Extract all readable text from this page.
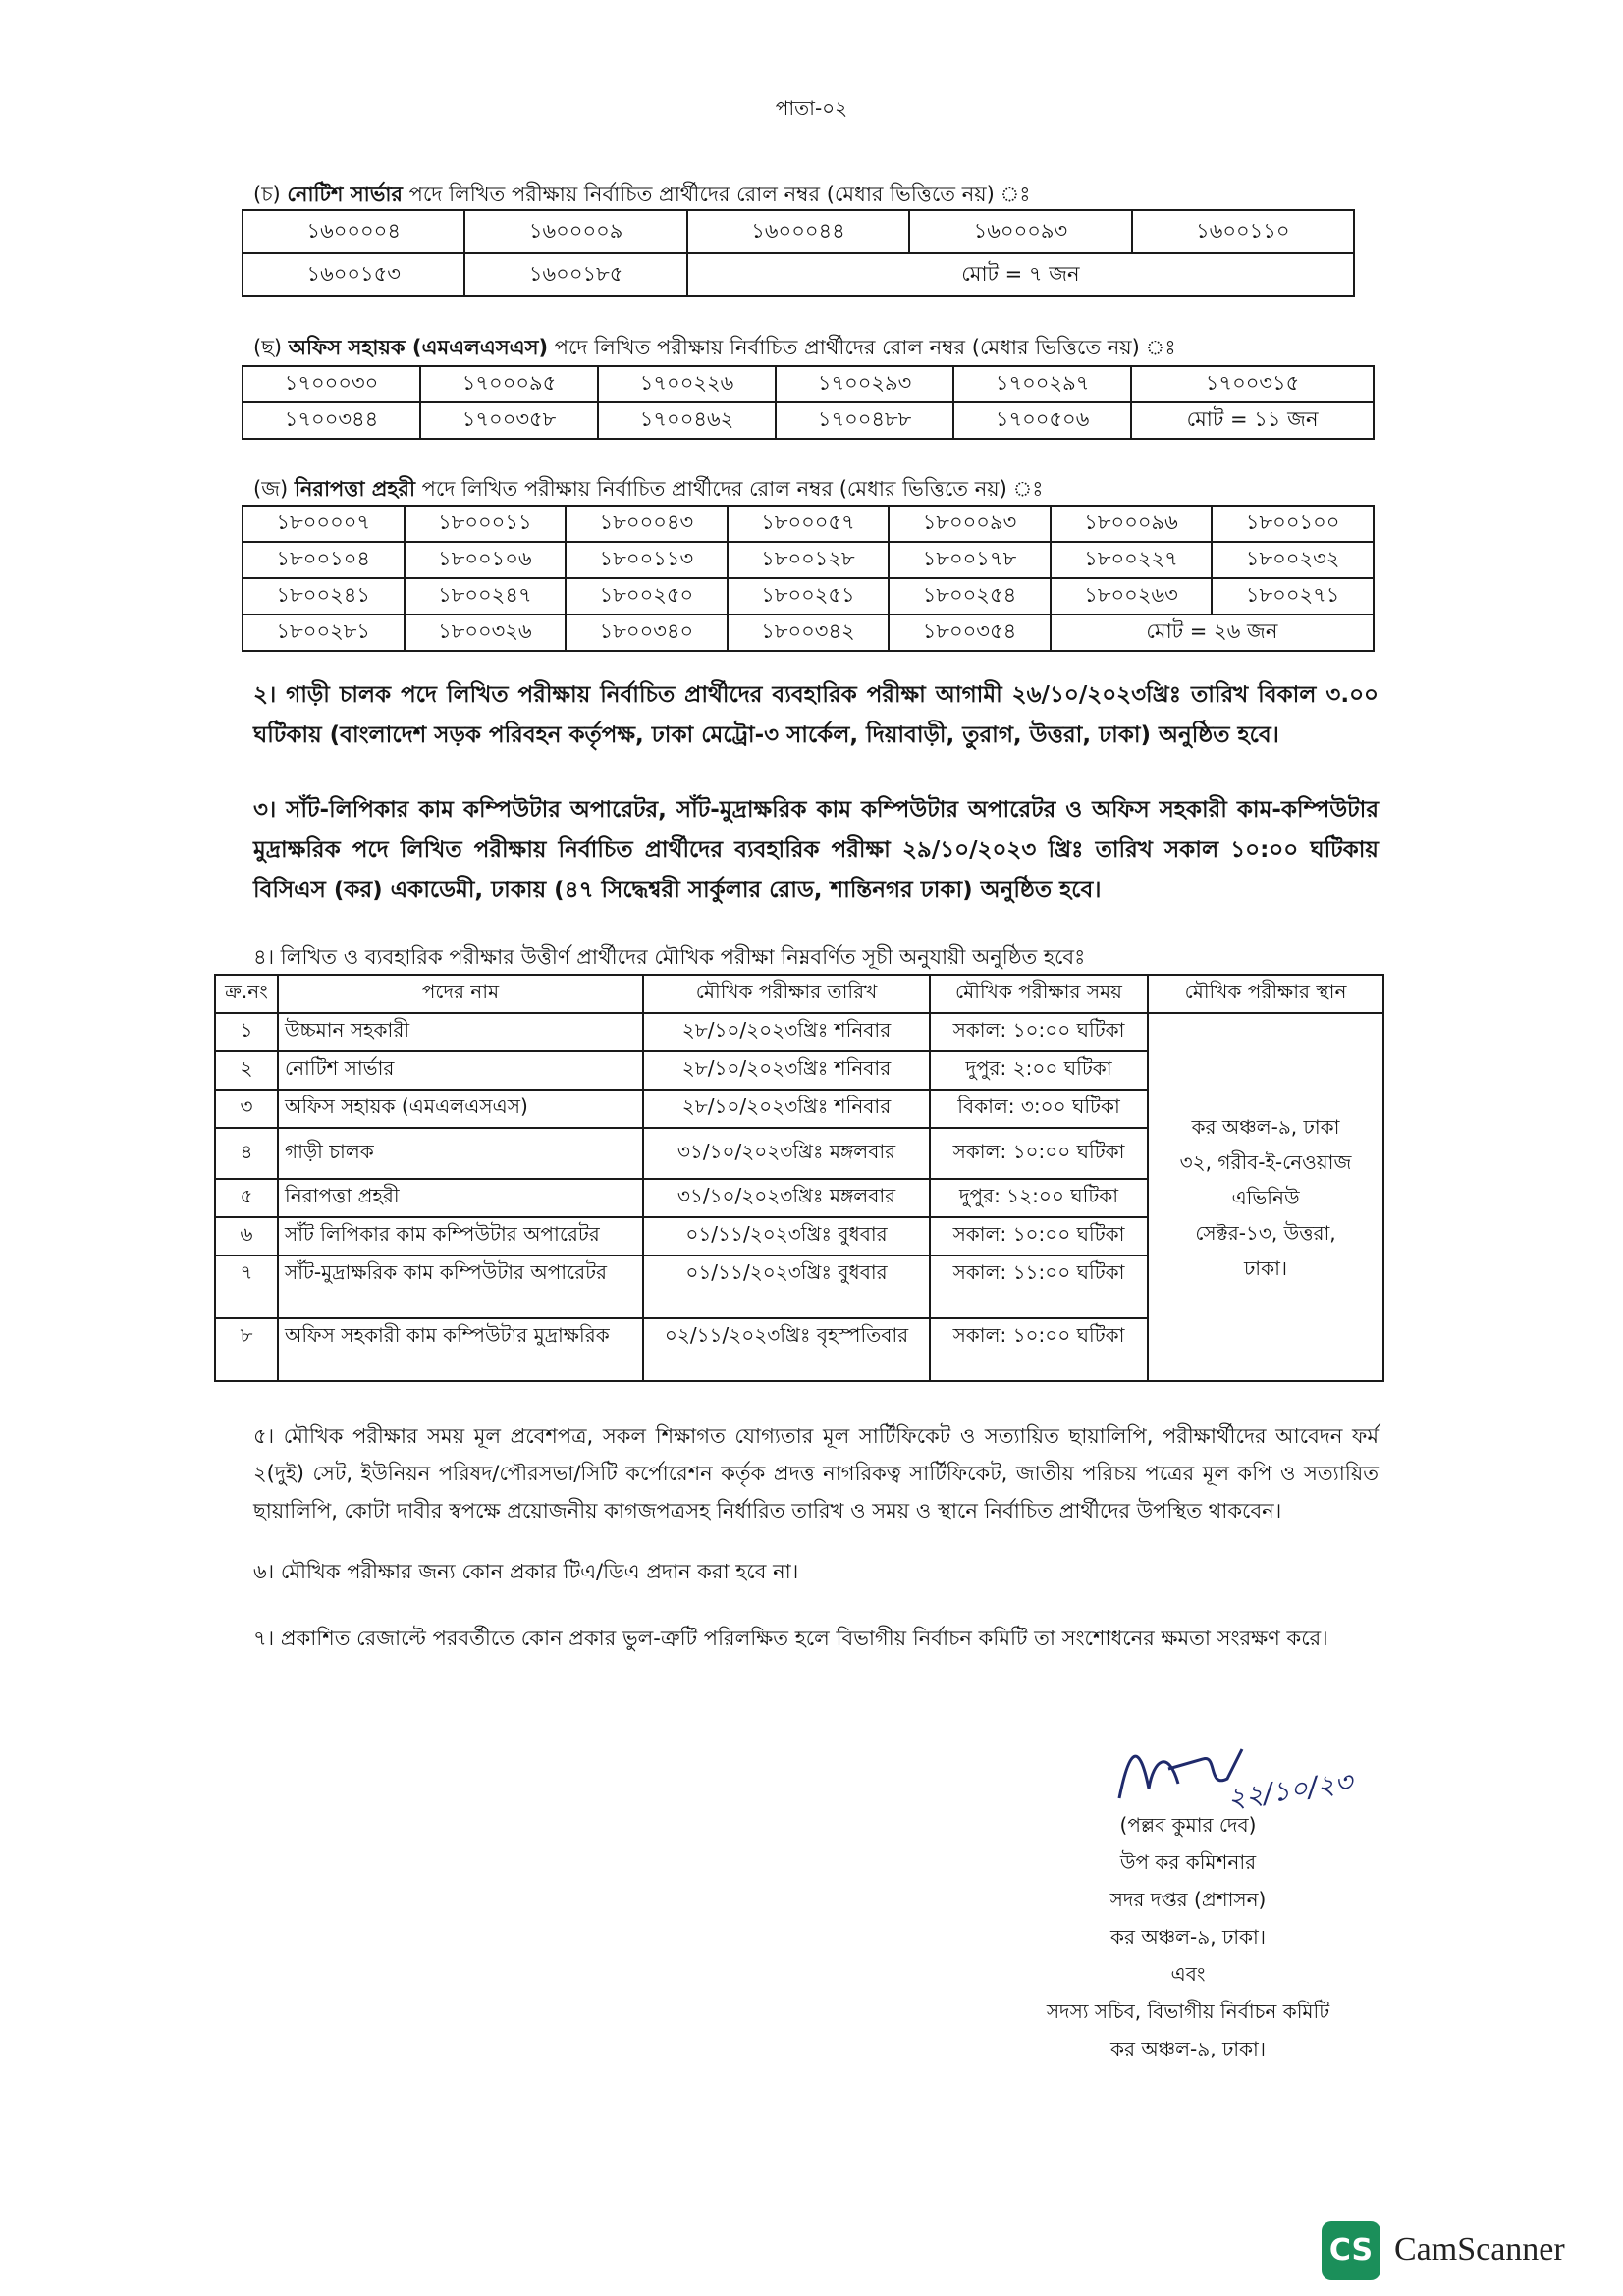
পাতা-০২
(চ) নোটিশ সার্ভার পদে লিখিত পরীক্ষায় নির্বাচিত প্রার্থীদের রোল নম্বর (মেধার ভিত্তিতে নয়) ঃ
১৬০০০০৪	১৬০০০০৯	১৬০০০৪৪	১৬০০০৯৩	১৬০০১১০
১৬০০১৫৩	১৬০০১৮৫	মোট = ৭ জন		
(ছ) অফিস সহায়ক (এমএলএসএস) পদে লিখিত পরীক্ষায় নির্বাচিত প্রার্থীদের রোল নম্বর (মেধার ভিত্তিতে নয়) ঃ
১৭০০০৩০	১৭০০০৯৫	১৭০০২২৬	১৭০০২৯৩	১৭০০২৯৭	১৭০০৩১৫
১৭০০৩৪৪	১৭০০৩৫৮	১৭০০৪৬২	১৭০০৪৮৮	১৭০০৫০৬	মোট = ১১ জন
(জ) নিরাপত্তা প্রহরী পদে লিখিত পরীক্ষায় নির্বাচিত প্রার্থীদের রোল নম্বর (মেধার ভিত্তিতে নয়) ঃ
১৮০০০০৭	১৮০০০১১	১৮০০০৪৩	১৮০০০৫৭	১৮০০০৯৩	১৮০০০৯৬	১৮০০১০০
১৮০০১০৪	১৮০০১০৬	১৮০০১১৩	১৮০০১২৮	১৮০০১৭৮	১৮০০২২৭	১৮০০২৩২
১৮০০২৪১	১৮০০২৪৭	১৮০০২৫০	১৮০০২৫১	১৮০০২৫৪	১৮০০২৬৩	১৮০০২৭১
১৮০০২৮১	১৮০০৩২৬	১৮০০৩৪০	১৮০০৩৪২	১৮০০৩৫৪	মোট = ২৬ জন	
২। গাড়ী চালক পদে লিখিত পরীক্ষায় নির্বাচিত প্রার্থীদের ব্যবহারিক পরীক্ষা আগামী ২৬/১০/২০২৩খ্রিঃ তারিখ বিকাল ৩.০০ ঘটিকায় (বাংলাদেশ সড়ক পরিবহন কর্তৃপক্ষ, ঢাকা মেট্রো-৩ সার্কেল, দিয়াবাড়ী, তুরাগ, উত্তরা, ঢাকা) অনুষ্ঠিত হবে।
৩। সাঁট-লিপিকার কাম কম্পিউটার অপারেটর, সাঁট-মুদ্রাক্ষরিক কাম কম্পিউটার অপারেটর ও অফিস সহকারী কাম-কম্পিউটার মুদ্রাক্ষরিক পদে লিখিত পরীক্ষায় নির্বাচিত প্রার্থীদের ব্যবহারিক পরীক্ষা ২৯/১০/২০২৩ খ্রিঃ তারিখ সকাল ১০:০০ ঘটিকায় বিসিএস (কর) একাডেমী, ঢাকায় (৪৭ সিদ্ধেশ্বরী সার্কুলার রোড, শান্তিনগর ঢাকা) অনুষ্ঠিত হবে।
৪। লিখিত ও ব্যবহারিক পরীক্ষার উত্তীর্ণ প্রার্থীদের মৌখিক পরীক্ষা নিম্নবর্ণিত সূচী অনুযায়ী অনুষ্ঠিত হবেঃ
ক্র.নং	পদের নাম	মৌখিক পরীক্ষার তারিখ	মৌখিক পরীক্ষার সময়	মৌখিক পরীক্ষার স্থান
১	উচ্চমান সহকারী	২৮/১০/২০২৩খ্রিঃ শনিবার	সকাল: ১০:০০ ঘটিকা	কর অঞ্চল-৯, ঢাকা
৩২, গরীব-ই-নেওয়াজ
এভিনিউ
সেক্টর-১৩, উত্তরা,
ঢাকা।

২	নোটিশ সার্ভার	২৮/১০/২০২৩খ্রিঃ শনিবার	দুপুর: ২:০০ ঘটিকা	
৩	অফিস সহায়ক (এমএলএসএস)	২৮/১০/২০২৩খ্রিঃ শনিবার	বিকাল: ৩:০০ ঘটিকা	
৪	গাড়ী চালক	৩১/১০/২০২৩খ্রিঃ মঙ্গলবার	সকাল: ১০:০০ ঘটিকা	
৫	নিরাপত্তা প্রহরী	৩১/১০/২০২৩খ্রিঃ মঙ্গলবার	দুপুর: ১২:০০ ঘটিকা	
৬	সাঁট লিপিকার কাম কম্পিউটার অপারেটর	০১/১১/২০২৩খ্রিঃ বুধবার	সকাল: ১০:০০ ঘটিকা	
৭	সাঁট-মুদ্রাক্ষরিক কাম কম্পিউটার অপারেটর	০১/১১/২০২৩খ্রিঃ বুধবার	সকাল: ১১:০০ ঘটিকা	
৮	অফিস সহকারী কাম কম্পিউটার মুদ্রাক্ষরিক	০২/১১/২০২৩খ্রিঃ বৃহস্পতিবার	সকাল: ১০:০০ ঘটিকা	
৫। মৌখিক পরীক্ষার সময় মূল প্রবেশপত্র, সকল শিক্ষাগত যোগ্যতার মূল সার্টিফিকেট ও সত্যায়িত ছায়ালিপি, পরীক্ষার্থীদের আবেদন ফর্ম ২(দুই) সেট, ইউনিয়ন পরিষদ/পৌরসভা/সিটি কর্পোরেশন কর্তৃক প্রদত্ত নাগরিকত্ব সার্টিফিকেট, জাতীয় পরিচয় পত্রের মূল কপি ও সত্যায়িত ছায়ালিপি, কোটা দাবীর স্বপক্ষে প্রয়োজনীয় কাগজপত্রসহ নির্ধারিত তারিখ ও সময় ও স্থানে নির্বাচিত প্রার্থীদের উপস্থিত থাকবেন।
৬। মৌখিক পরীক্ষার জন্য কোন প্রকার টিএ/ডিএ প্রদান করা হবে না।
৭। প্রকাশিত রেজাল্টে পরবর্তীতে কোন প্রকার ভুল-ত্রুটি পরিলক্ষিত হলে বিভাগীয় নির্বাচন কমিটি তা সংশোধনের ক্ষমতা সংরক্ষণ করে।
২২/১০/২৩
(পল্লব কুমার দেব)
উপ কর কমিশনার
সদর দপ্তর (প্রশাসন)
কর অঞ্চল-৯, ঢাকা।
এবং
সদস্য সচিব, বিভাগীয় নির্বাচন কমিটি
কর অঞ্চল-৯, ঢাকা।
CS CamScanner
